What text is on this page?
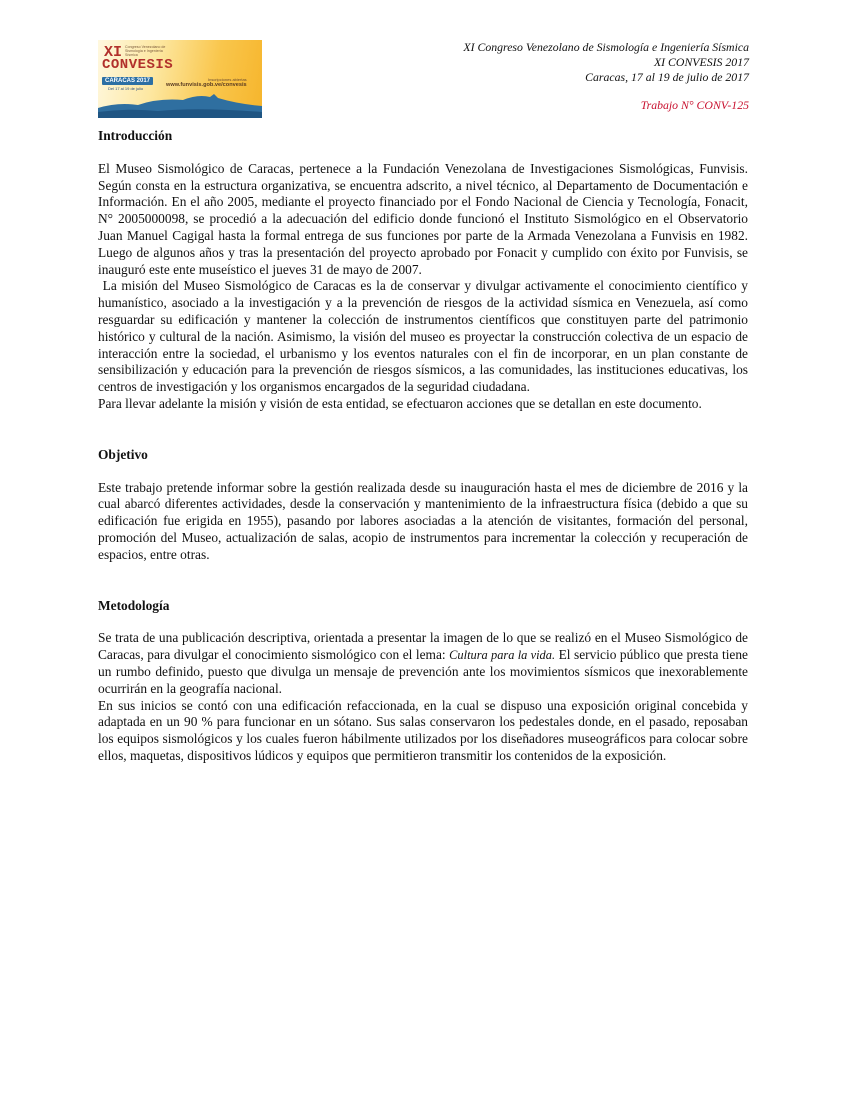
XI Congreso Venezolano de Sismología e Ingeniería Sísmica
CONVESIS
CARACAS 2017
Del 17 al 19 de julio
Inscripciones abiertas
www.funvisis.gob.ve/convesis
XI Congreso Venezolano de Sismología e Ingeniería Sísmica
XI CONVESIS 2017
Caracas, 17 al 19 de julio de 2017
Trabajo N° CONV-125
Introducción

El Museo Sismológico de Caracas, pertenece a la Fundación Venezolana de Investigaciones Sismológicas, Funvisis. Según consta en la estructura organizativa, se encuentra adscrito, a nivel técnico, al Departamento de Documentación e Información. En el año 2005, mediante el proyecto financiado por el Fondo Nacional de Ciencia y Tecnología, Fonacit, N° 2005000098, se procedió a la adecuación del edificio donde funcionó el Instituto Sismológico en el Observatorio Juan Manuel Cagigal hasta la formal entrega de sus funciones por parte de la Armada Venezolana a Funvisis en 1982. Luego de algunos años y tras la presentación del proyecto aprobado por Fonacit y cumplido con éxito por Funvisis, se inauguró este ente museístico el jueves 31 de mayo de 2007.

La misión del Museo Sismológico de Caracas es la de conservar y divulgar activamente el conocimiento científico y humanístico, asociado a la investigación y a la prevención de riesgos de la actividad sísmica en Venezuela, así como resguardar su edificación y mantener la colección de instrumentos científicos que constituyen parte del patrimonio histórico y cultural de la nación. Asimismo, la visión del museo es proyectar la construcción colectiva de un espacio de interacción entre la sociedad, el urbanismo y los eventos naturales con el fin de incorporar, en un plan constante de sensibilización y educación para la prevención de riesgos sísmicos, a las comunidades, las instituciones educativas, los centros de investigación y los organismos encargados de la seguridad ciudadana.

Para llevar adelante la misión y visión de esta entidad, se efectuaron acciones que se detallan en este documento.

Objetivo

Este trabajo pretende informar sobre la gestión realizada desde su inauguración hasta el mes de diciembre de 2016 y la cual abarcó diferentes actividades, desde la conservación y mantenimiento de la infraestructura física (debido a que su edificación fue erigida en 1955), pasando por labores asociadas a la atención de visitantes, formación del personal, promoción del Museo, actualización de salas, acopio de instrumentos para incrementar la colección y recuperación de espacios, entre otras.

Metodología

Se trata de una publicación descriptiva, orientada a presentar la imagen de lo que se realizó en el Museo Sismológico de Caracas, para divulgar el conocimiento sismológico con el lema: Cultura para la vida. El servicio público que presta tiene un rumbo definido, puesto que divulga un mensaje de prevención ante los movimientos sísmicos que inexorablemente ocurrirán en la geografía nacional.

En sus inicios se contó con una edificación refaccionada, en la cual se dispuso una exposición original concebida y adaptada en un 90 % para funcionar en un sótano. Sus salas conservaron los pedestales donde, en el pasado, reposaban los equipos sismológicos y los cuales fueron hábilmente utilizados por los diseñadores museográficos para colocar sobre ellos, maquetas, dispositivos lúdicos y equipos que permitieron transmitir los contenidos de la exposición.
